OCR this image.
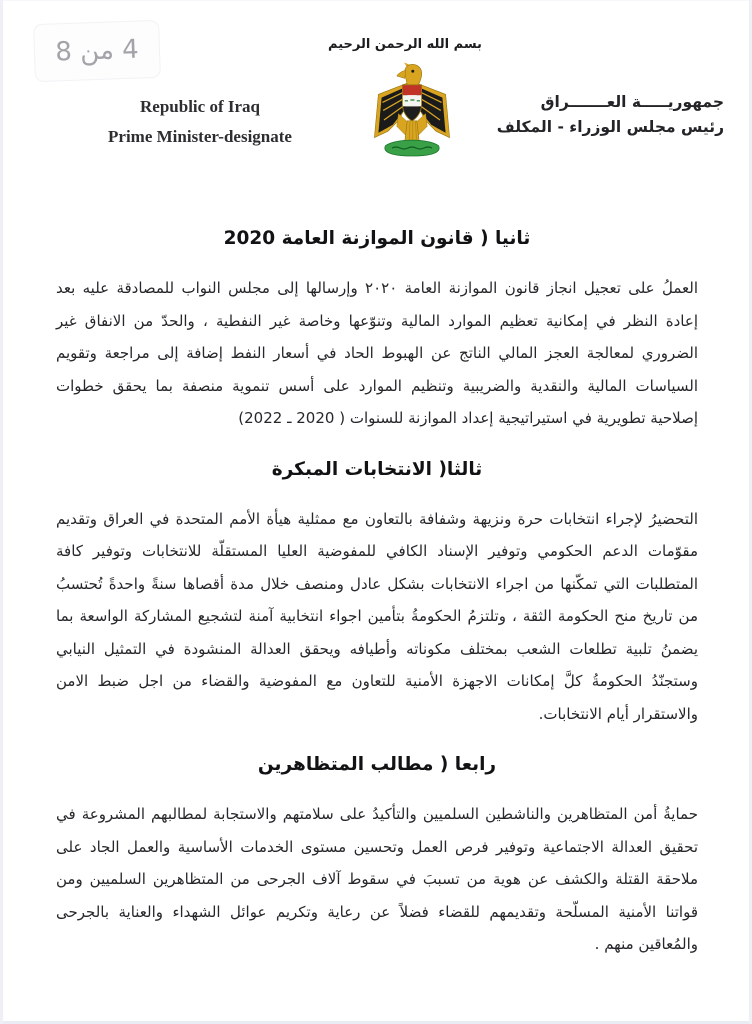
4 من 8	بسم الله الرحمن الرحيم
Republic of Iraq
Prime Minister-designate
جمهوريـــــة العـــــــراق
رئيس مجلس الوزراء - المكلف
ثانيا ( قانون الموازنة العامة 2020

العملُ على تعجيل انجاز قانون الموازنة العامة ٢٠٢٠ وإرسالها إلى مجلس النواب للمصادقة عليه بعد إعادة النظر في إمكانية تعظيم الموارد المالية وتنوّعها وخاصة غير النفطية ، والحدّ من الانفاق غير الضروري لمعالجة العجز المالي الناتج عن الهبوط الحاد في أسعار النفط إضافة إلى مراجعة وتقويم السياسات المالية والنقدية والضريبية وتنظيم الموارد على أسس تنموية منصفة بما يحقق خطوات إصلاحية تطويرية في استيراتيجية إعداد الموازنة للسنوات ( 2020 ـ 2022)

ثالثا( الانتخابات المبكرة

التحضيرُ لإجراء انتخابات حرة ونزيهة وشفافة بالتعاون مع ممثلية هيأة الأمم المتحدة في العراق وتقديم مقوّمات الدعم الحكومي وتوفير الإسناد الكافي للمفوضية العليا المستقلّة للانتخابات وتوفير كافة المتطلبات التي تمكّنها من اجراء الانتخابات بشكل عادل ومنصف خلال مدة أقصاها سنةً واحدةً تُحتسبُ من تاريخ منح الحكومة الثقة ، وتلتزمُ الحكومةُ بتأمين اجواء انتخابية آمنة لتشجيع المشاركة الواسعة بما يضمنُ تلبية تطلعات الشعب بمختلف مكوناته وأطيافه ويحقق العدالة المنشودة في التمثيل النيابي وستجنّدُ الحكومةُ كلَّ إمكانات الاجهزة الأمنية للتعاون مع المفوضية والقضاء من اجل ضبط الامن والاستقرار أيام الانتخابات.

رابعا ( مطالب المتظاهرين

حمايةُ أمن المتظاهرين والناشطين السلميين والتأكيدُ على سلامتهم والاستجابة لمطالبهم المشروعة في تحقيق العدالة الاجتماعية وتوفير فرص العمل وتحسين مستوى الخدمات الأساسية والعمل الجاد على ملاحقة القتلة والكشف عن هوية من تسببَ في سقوط آلاف الجرحى من المتظاهرين السلميين ومن قواتنا الأمنية المسلّحة وتقديمهم للقضاء فضلاً عن رعاية وتكريم عوائل الشهداء والعناية بالجرحى والمُعاقين منهم .
